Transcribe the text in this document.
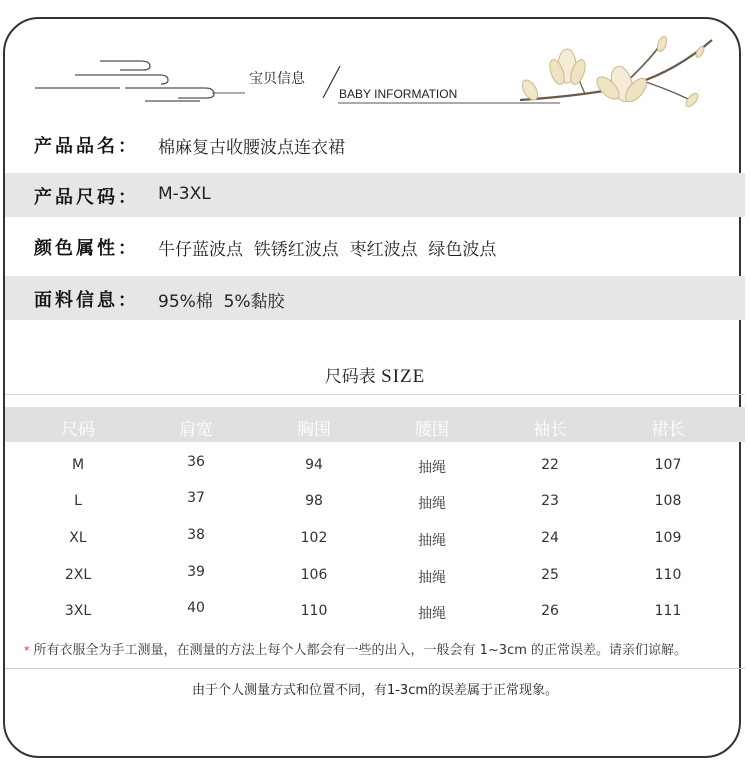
宝贝信息
BABY INFORMATION
产品品名： 棉麻复古收腰波点连衣裙
产品尺码： M-3XL
颜色属性： 牛仔蓝波点  铁锈红波点  枣红波点  绿色波点
面料信息： 95%棉  5%黏胶
尺码表 SIZE
尺码	肩宽	胸围	腰围	袖长	裙长
M	36	94	抽绳	22	107
L	37	98	抽绳	23	108
XL	38	102	抽绳	24	109
2XL	39	106	抽绳	25	110
3XL	40	110	抽绳	26	111
* 所有衣服全为手工测量，在测量的方法上每个人都会有一些的出入，一般会有 1~3cm 的正常误差。请亲们谅解。
由于个人测量方式和位置不同，有1-3cm的误差属于正常现象。
